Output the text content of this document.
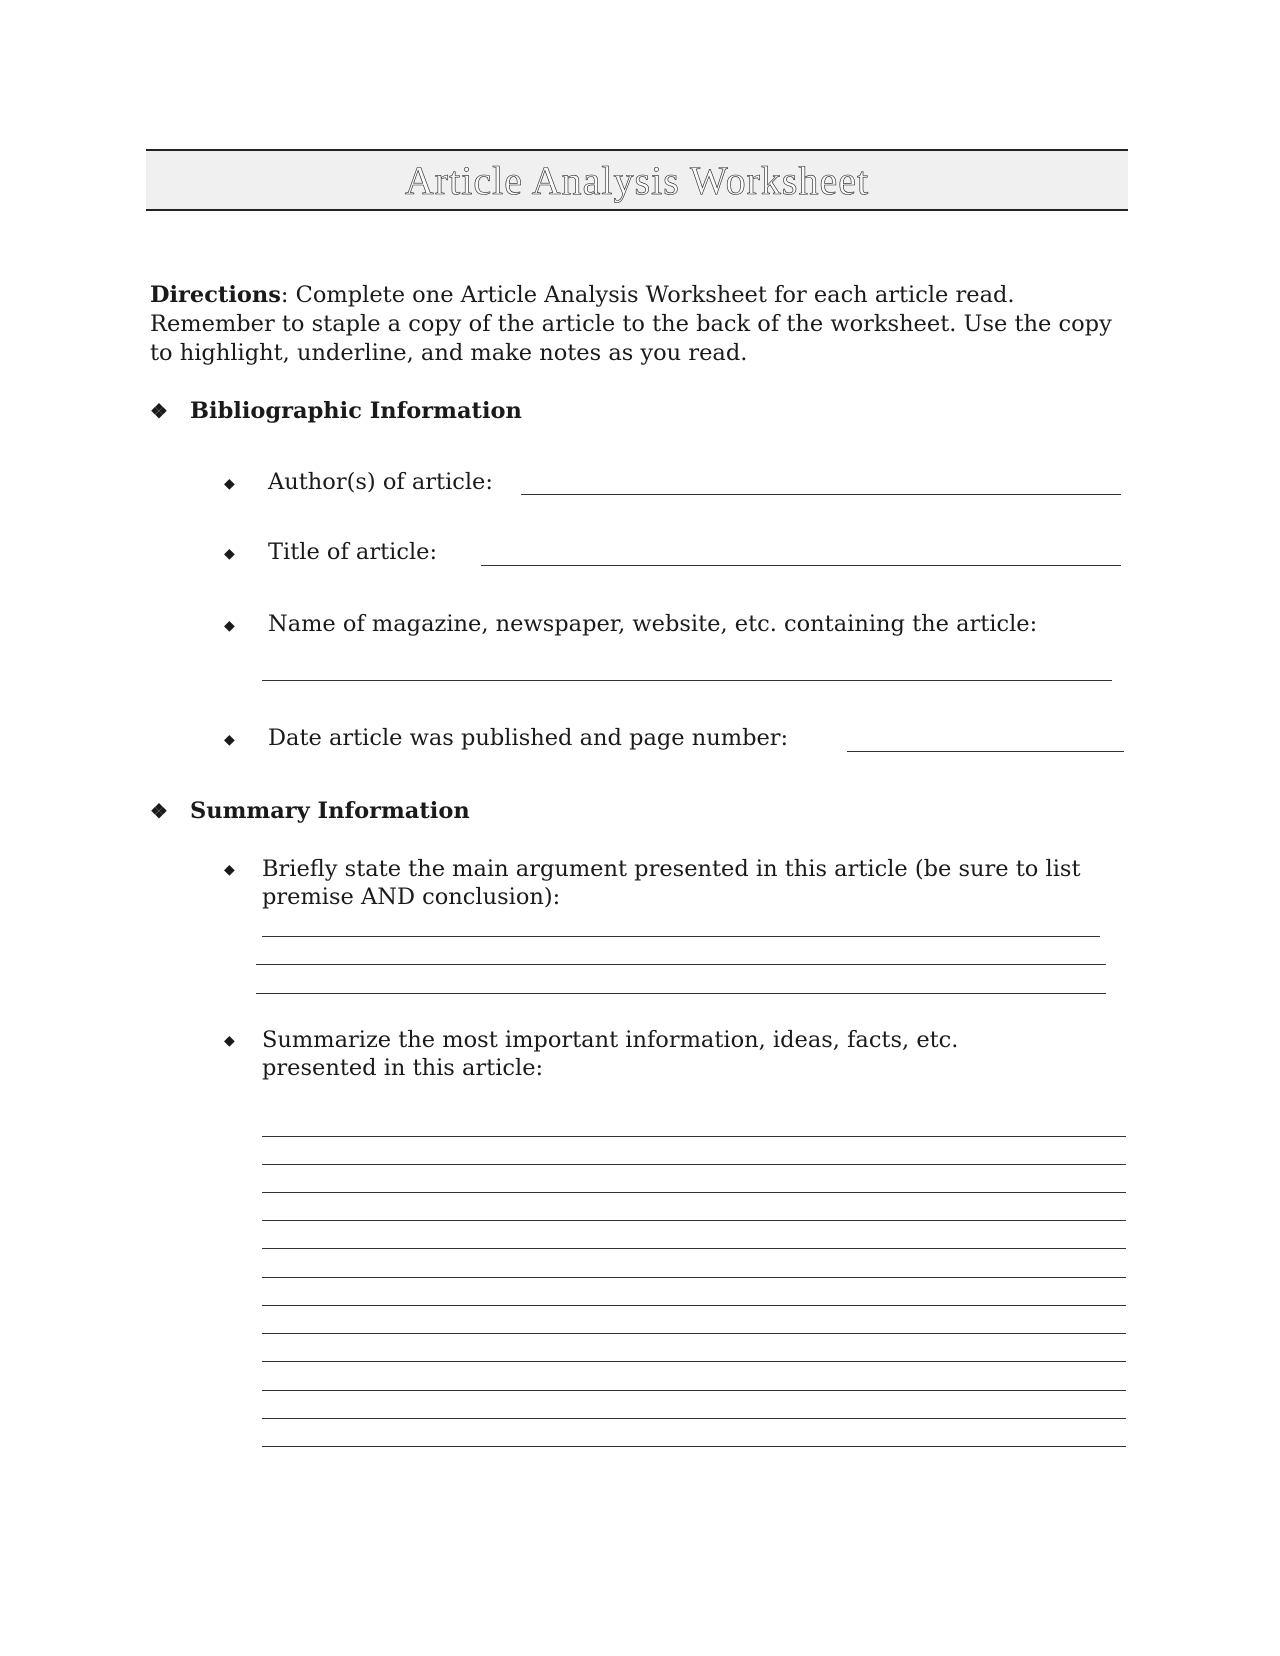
Article Analysis Worksheet

Directions: Complete one Article Analysis Worksheet for each article read. Remember to staple a copy of the article to the back of the worksheet. Use the copy to highlight, underline, and make notes as you read.

❖ Bibliographic Information
◆ Author(s) of article:
◆ Title of article:
◆ Name of magazine, newspaper, website, etc. containing the article:
◆ Date article was published and page number:
❖ Summary Information
◆ Briefly state the main argument presented in this article (be sure to list premise AND conclusion):
◆ Summarize the most important information, ideas, facts, etc. presented in this article:
